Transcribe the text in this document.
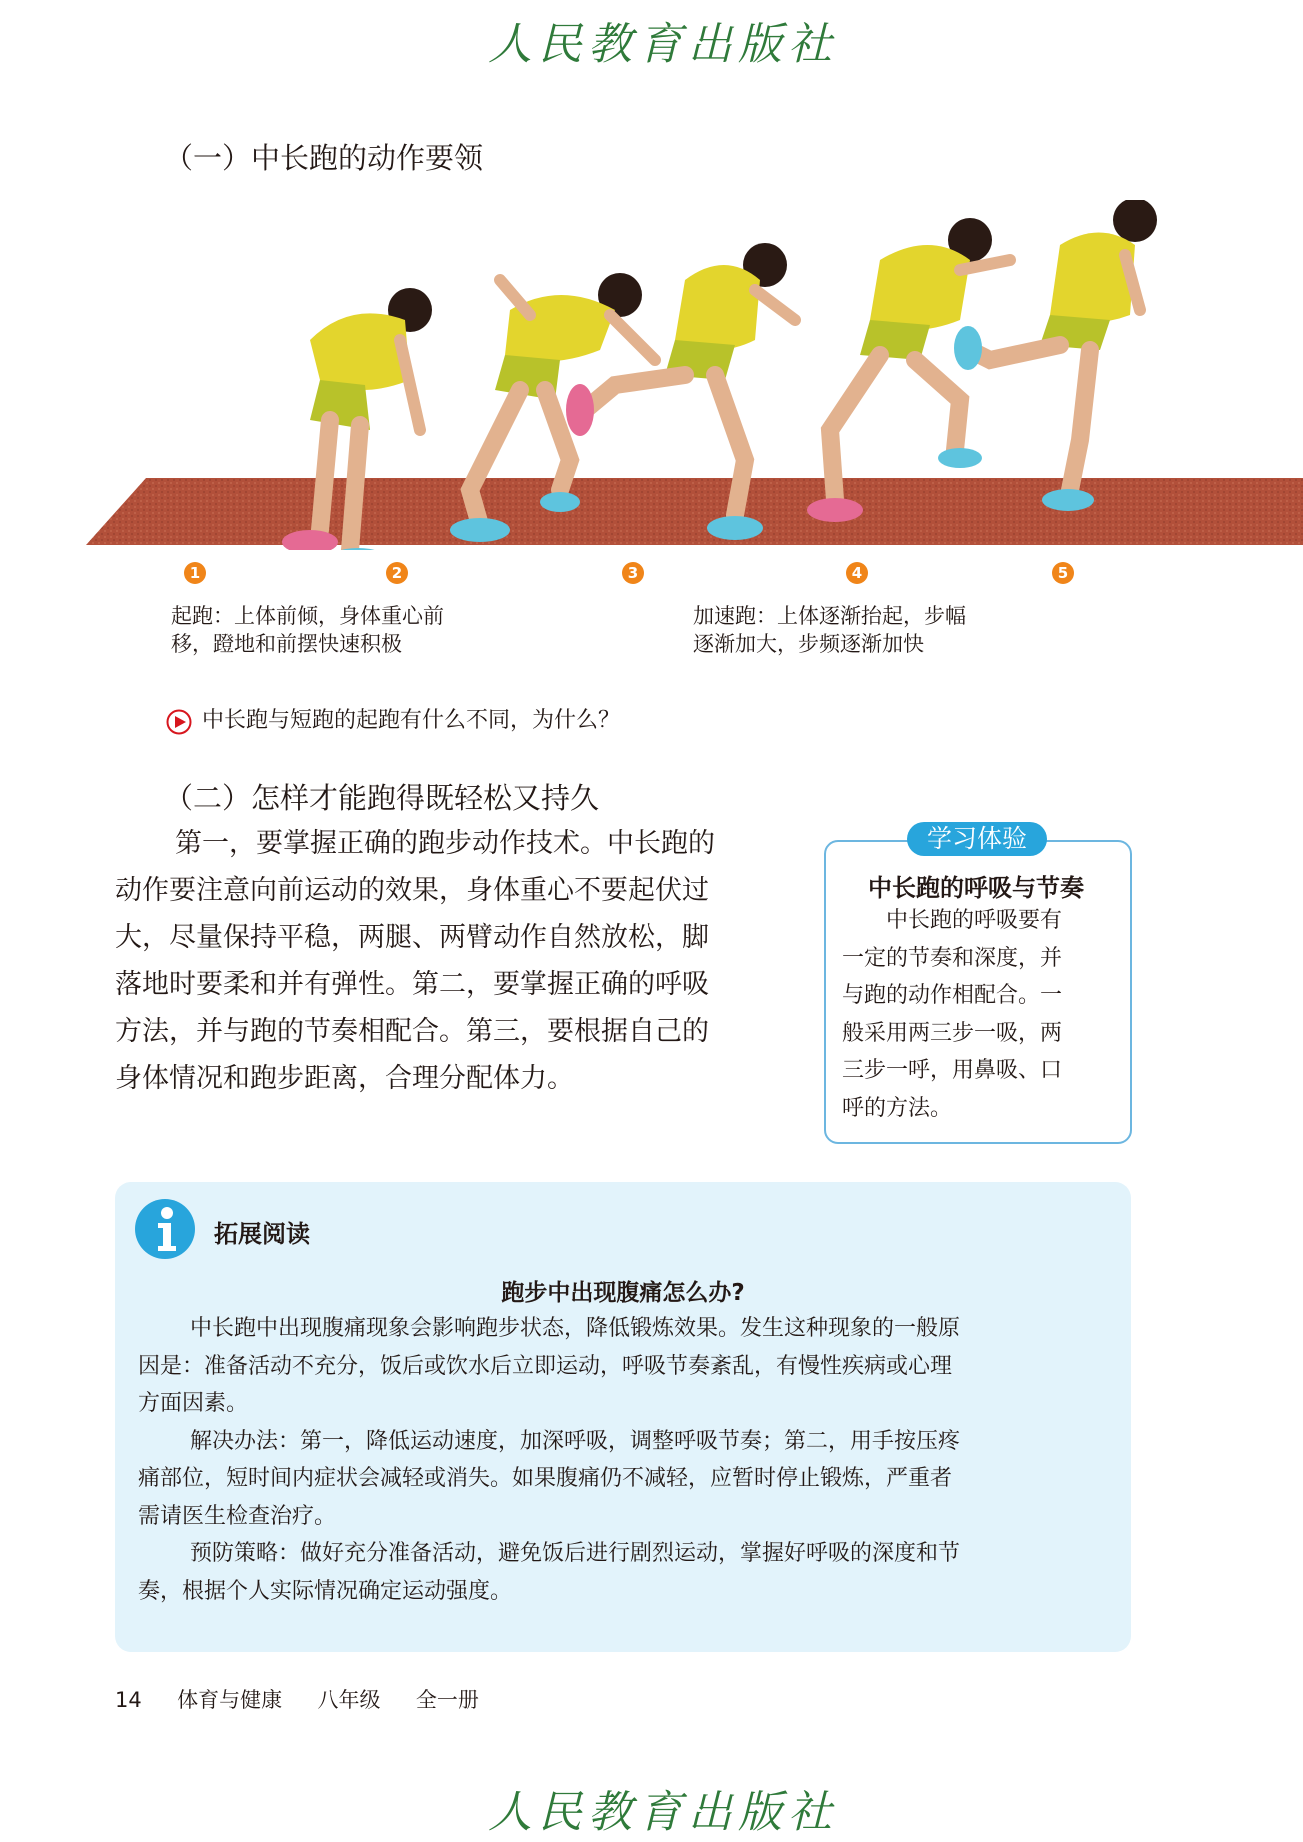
人民教育出版社
（一）中长跑的动作要领
1	2	3	4	5
起跑：上体前倾，身体重心前
移，蹬地和前摆快速积极
加速跑：上体逐渐抬起，步幅
逐渐加大，步频逐渐加快
中长跑与短跑的起跑有什么不同，为什么？
（二）怎样才能跑得既轻松又持久

第一，要掌握正确的跑步动作技术。中长跑的

动作要注意向前运动的效果，身体重心不要起伏过

大，尽量保持平稳，两腿、两臂动作自然放松，脚

落地时要柔和并有弹性。第二，要掌握正确的呼吸

方法，并与跑的节奏相配合。第三，要根据自己的

身体情况和跑步距离，合理分配体力。

学习体验
中长跑的呼吸与节奏
中长跑的呼吸要有
一定的节奏和深度，并
与跑的动作相配合。一
般采用两三步一吸，两
三步一呼，用鼻吸、口
呼的方法。
拓展阅读
跑步中出现腹痛怎么办?
中长跑中出现腹痛现象会影响跑步状态，降低锻炼效果。发生这种现象的一般原
因是：准备活动不充分，饭后或饮水后立即运动，呼吸节奏紊乱，有慢性疾病或心理
方面因素。
解决办法：第一，降低运动速度，加深呼吸，调整呼吸节奏；第二，用手按压疼
痛部位，短时间内症状会减轻或消失。如果腹痛仍不减轻，应暂时停止锻炼，严重者
需请医生检查治疗。
预防策略：做好充分准备活动，避免饭后进行剧烈运动，掌握好呼吸的深度和节
奏，根据个人实际情况确定运动强度。
14 体育与健康 八年级 全一册
人民教育出版社
